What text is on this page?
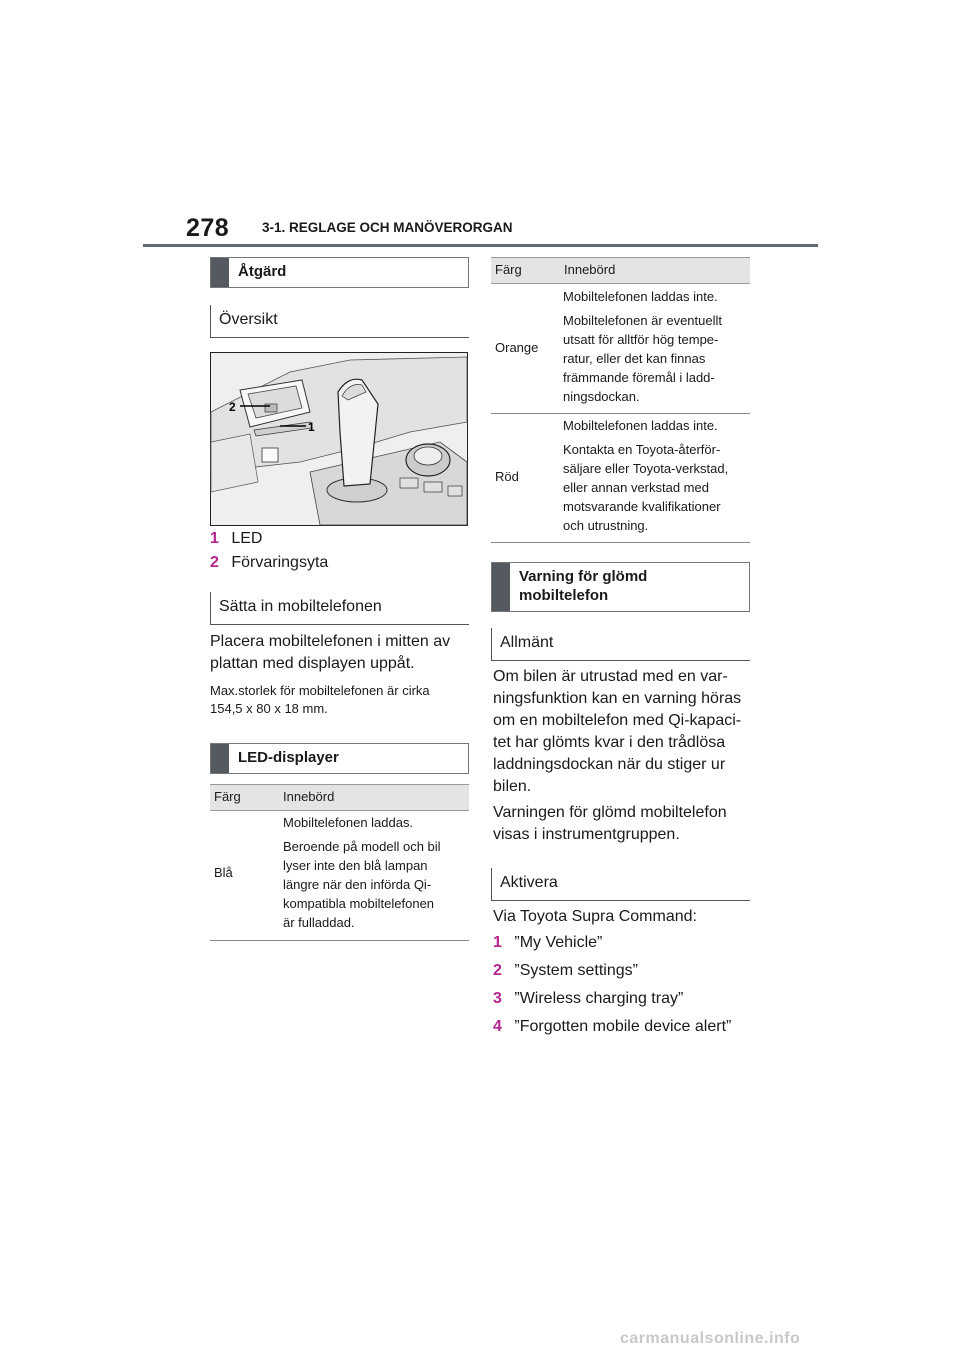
278 3-1. REGLAGE OCH MANÖVERORGAN
Åtgärd
Översikt
2
1
1 LED
2 Förvaringsyta
Sätta in mobiltelefonen
Placera mobiltelefonen i mitten av
plattan med displayen uppåt.
Max.storlek för mobiltelefonen är cirka
154,5 x 80 x 18 mm.
LED-displayer
Färg	Innebörd
Blå
Mobiltelefonen laddas.
Beroende på modell och bil
lyser inte den blå lampan
längre när den införda Qi-
kompatibla mobiltelefonen
är fulladdad.
Färg	Innebörd
Orange
Mobiltelefonen laddas inte.
Mobiltelefonen är eventuellt
utsatt för alltför hög tempe-
ratur, eller det kan finnas
främmande föremål i ladd-
ningsdockan.
Röd
Mobiltelefonen laddas inte.
Kontakta en Toyota-återför-
säljare eller Toyota-verkstad,
eller annan verkstad med
motsvarande kvalifikationer
och utrustning.
Varning för glömd
mobiltelefon
Allmänt
Om bilen är utrustad med en var-
ningsfunktion kan en varning höras
om en mobiltelefon med Qi-kapaci-
tet har glömts kvar i den trådlösa
laddningsdockan när du stiger ur
bilen.
Varningen för glömd mobiltelefon
visas i instrumentgruppen.
Aktivera
Via Toyota Supra Command:
1 ”My Vehicle”
2 ”System settings”
3 ”Wireless charging tray”
4 ”Forgotten mobile device alert”
carmanualsonline.info
